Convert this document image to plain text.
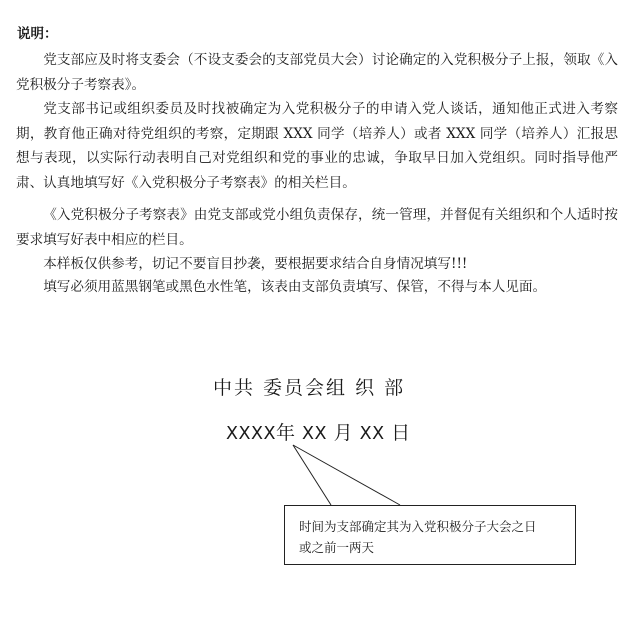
说明：

党支部应及时将支委会（不设支委会的支部党员大会）讨论确定的入党积极分子上报，领取《入党积极分子考察表》。

党支部书记或组织委员及时找被确定为入党积极分子的申请入党人谈话，通知他正式进入考察期，教育他正确对待党组织的考察，定期跟 XXX 同学（培养人）或者 XXX 同学（培养人）汇报思想与表现，以实际行动表明自己对党组织和党的事业的忠诚，争取早日加入党组织。同时指导他严肃、认真地填写好《入党积极分子考察表》的相关栏目。

《入党积极分子考察表》由党支部或党小组负责保存，统一管理，并督促有关组织和个人适时按要求填写好表中相应的栏目。

本样板仅供参考，切记不要盲目抄袭，要根据要求结合自身情况填写!!!

填写必须用蓝黑钢笔或黑色水性笔，该表由支部负责填写、保管，不得与本人见面。

中共 委员会组 织 部
XXXX年 XX 月 XX 日
时间为支部确定其为入党积极分子大会之日
或之前一两天
